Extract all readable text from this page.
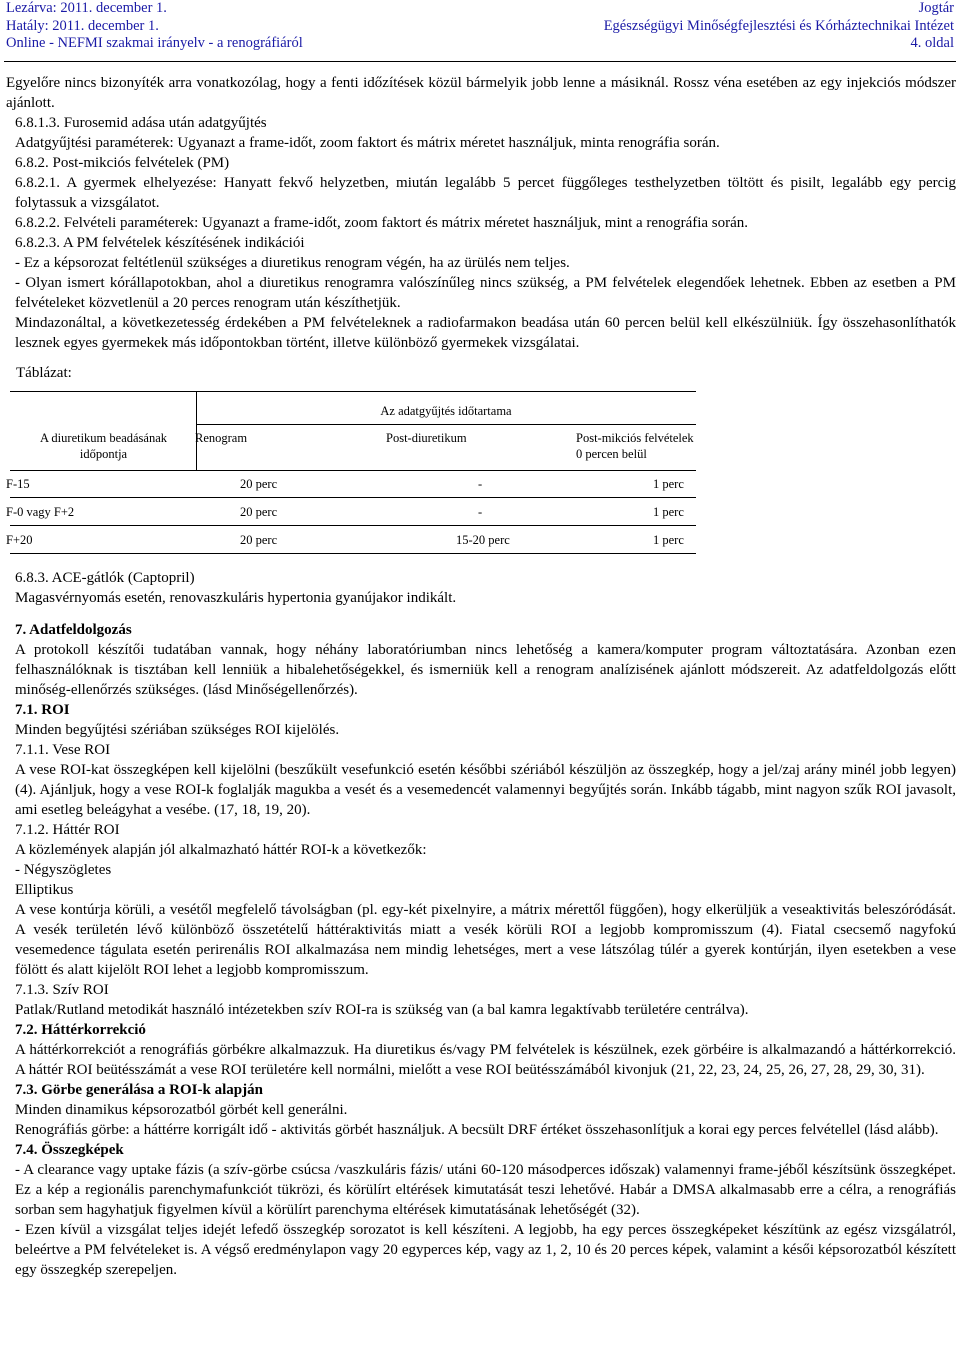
Lezárva: 2011. december 1.
Hatály: 2011. december 1.
Online - NEFMI szakmai irányelv - a renográfiáról
Jogtár
Egészségügyi Minőségfejlesztési és Kórháztechnikai Intézet
4. oldal

Egyelőre nincs bizonyíték arra vonatkozólag, hogy a fenti időzítések közül bármelyik jobb lenne a másiknál. Rossz véna esetében az egy injekciós módszer ajánlott.

6.8.1.3. Furosemid adása után adatgyűjtés

Adatgyűjtési paraméterek: Ugyanazt a frame-időt, zoom faktort és mátrix méretet használjuk, minta renográfia során.

6.8.2. Post-mikciós felvételek (PM)

6.8.2.1. A gyermek elhelyezése: Hanyatt fekvő helyzetben, miután legalább 5 percet függőleges testhelyzetben töltött és pisilt, legalább egy percig folytassuk a vizsgálatot.

6.8.2.2. Felvételi paraméterek: Ugyanazt a frame-időt, zoom faktort és mátrix méretet használjuk, mint a renográfia során.

6.8.2.3. A PM felvételek készítésének indikációi

- Ez a képsorozat feltétlenül szükséges a diuretikus renogram végén, ha az ürülés nem teljes.

- Olyan ismert kórállapotokban, ahol a diuretikus renogramra valószínűleg nincs szükség, a PM felvételek elegendőek lehetnek. Ebben az esetben a PM felvételeket közvetlenül a 20 perces renogram után készíthetjük.

Mindazonáltal, a következetesség érdekében a PM felvételeknek a radiofarmakon beadása után 60 percen belül kell elkészülniük. Így összehasonlíthatók lesznek egyes gyermekek más időpontokban történt, illetve különböző gyermekek vizsgálatai.

Táblázat:
Az adatgyűjtés időtartama
A diuretikum beadásának időpontja
Renogram	Post-diuretikum	Post-mikciós felvételek
0 percen belül
F-15	20 perc	-	1 perc
F-0 vagy F+2	20 perc	-	1 perc
F+20	20 perc	15-20 perc	1 perc

6.8.3. ACE-gátlók (Captopril)

Magasvérnyomás esetén, renovaszkuláris hypertonia gyanújakor indikált.

7. Adatfeldolgozás

A protokoll készítői tudatában vannak, hogy néhány laboratóriumban nincs lehetőség a kamera/komputer program változtatására. Azonban ezen felhasználóknak is tisztában kell lenniük a hibalehetőségekkel, és ismerniük kell a renogram analízisének ajánlott módszereit. Az adatfeldolgozás előtt minőség-ellenőrzés szükséges. (lásd Minőségellenőrzés).

7.1. ROI

Minden begyűjtési szériában szükséges ROI kijelölés.

7.1.1. Vese ROI

A vese ROI-kat összegképen kell kijelölni (beszűkült vesefunkció esetén későbbi szériából készüljön az összegkép, hogy a jel/zaj arány minél jobb legyen)(4). Ajánljuk, hogy a vese ROI-k foglalják magukba a vesét és a vesemedencét valamennyi begyűjtés során. Inkább tágabb, mint nagyon szűk ROI javasolt, ami esetleg beleágyhat a vesébe. (17, 18, 19, 20).

7.1.2. Háttér ROI

A közlemények alapján jól alkalmazható háttér ROI-k a következők:

- Négyszögletes

Elliptikus

A vese kontúrja körüli, a vesétől megfelelő távolságban (pl. egy-két pixelnyire, a mátrix mérettől függően), hogy elkerüljük a veseaktivitás beleszóródását. A vesék területén lévő különböző összetételű háttéraktivitás miatt a vesék körüli ROI a legjobb kompromisszum (4). Fiatal csecsemő nagyfokú vesemedence tágulata esetén perirenális ROI alkalmazása nem mindig lehetséges, mert a vese látszólag túlér a gyerek kontúrján, ilyen esetekben a vese fölött és alatt kijelölt ROI lehet a legjobb kompromisszum.

7.1.3. Szív ROI

Patlak/Rutland metodikát használó intézetekben szív ROI-ra is szükség van (a bal kamra legaktívabb területére centrálva).

7.2. Háttérkorrekció

A háttérkorrekciót a renográfiás görbékre alkalmazzuk. Ha diuretikus és/vagy PM felvételek is készülnek, ezek görbéire is alkalmazandó a háttérkorrekció. A háttér ROI beütésszámát a vese ROI területére kell normálni, mielőtt a vese ROI beütésszámából kivonjuk (21, 22, 23, 24, 25, 26, 27, 28, 29, 30, 31).

7.3. Görbe generálása a ROI-k alapján

Minden dinamikus képsorozatból görbét kell generálni.

Renográfiás görbe: a háttérre korrigált idő - aktivitás görbét használjuk. A becsült DRF értéket összehasonlítjuk a korai egy perces felvétellel (lásd alább).

7.4. Összegképek

- A clearance vagy uptake fázis (a szív-görbe csúcsa /vaszkuláris fázis/ utáni 60-120 másodperces időszak) valamennyi frame-jéből készítsünk összegképet. Ez a kép a regionális parenchymafunkciót tükrözi, és körülírt eltérések kimutatását teszi lehetővé. Habár a DMSA alkalmasabb erre a célra, a renográfiás sorban sem hagyhatjuk figyelmen kívül a körülírt parenchyma eltérések kimutatásának lehetőségét (32).

- Ezen kívül a vizsgálat teljes idejét lefedő összegkép sorozatot is kell készíteni. A legjobb, ha egy perces összegképeket készítünk az egész vizsgálatról, beleértve a PM felvételeket is. A végső eredménylapon vagy 20 egyperces kép, vagy az 1, 2, 10 és 20 perces képek, valamint a késői képsorozatból készített egy összegkép szerepeljen.
